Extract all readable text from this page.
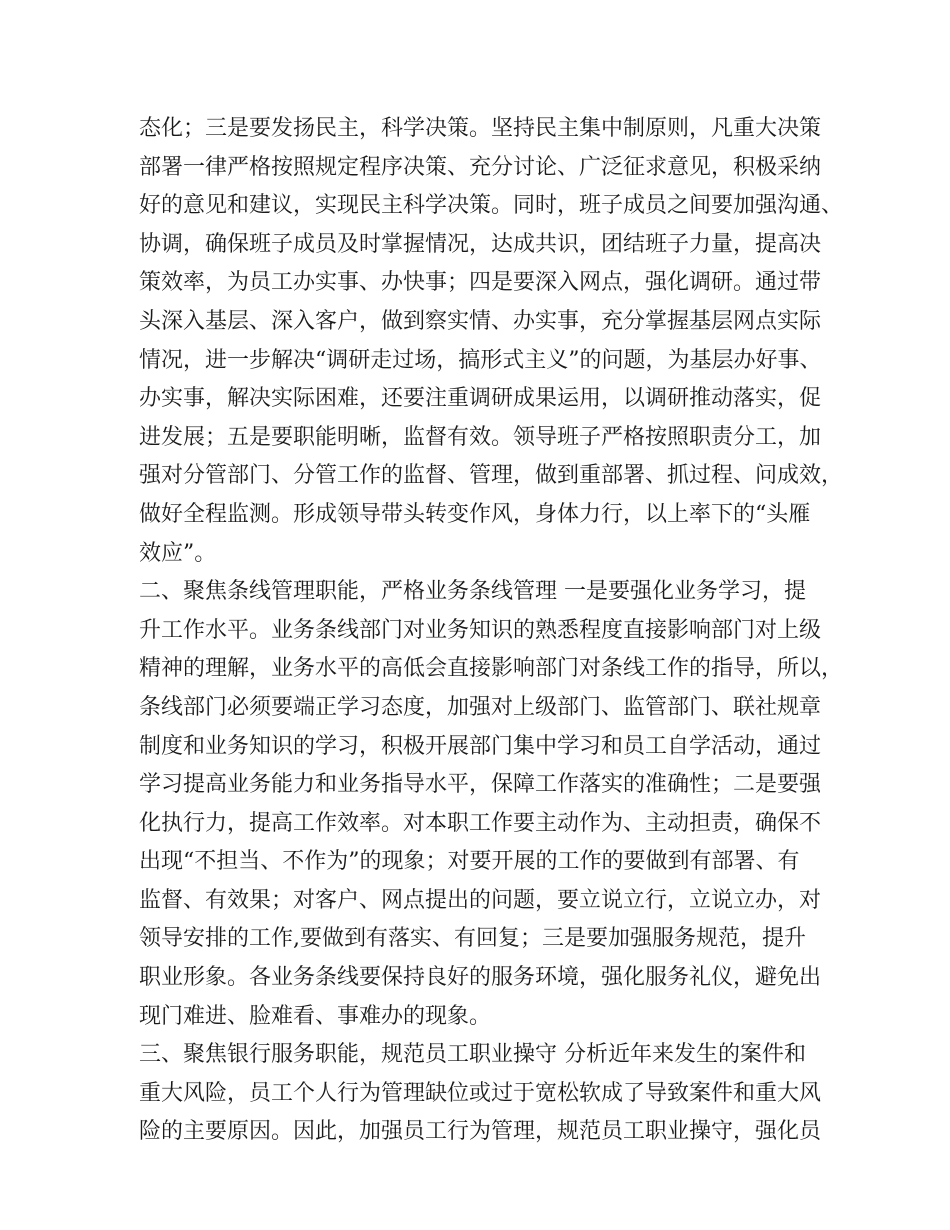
态化；三是要发扬民主，科学决策。坚持民主集中制原则，凡重大决策

部署一律严格按照规定程序决策、充分讨论、广泛征求意见，积极采纳

好的意见和建议，实现民主科学决策。同时，班子成员之间要加强沟通、

协调，确保班子成员及时掌握情况，达成共识，团结班子力量，提高决

策效率，为员工办实事、办快事；四是要深入网点，强化调研。通过带

头深入基层、深入客户，做到察实情、办实事，充分掌握基层网点实际

情况，进一步解决“调研走过场，搞形式主义”的问题，为基层办好事、

办实事，解决实际困难，还要注重调研成果运用，以调研推动落实，促

进发展；五是要职能明晰，监督有效。领导班子严格按照职责分工，加

强对分管部门、分管工作的监督、管理，做到重部署、抓过程、问成效，

做好全程监测。形成领导带头转变作风，身体力行，以上率下的“头雁

效应”。

二、聚焦条线管理职能，严格业务条线管理 一是要强化业务学习，提

升工作水平。业务条线部门对业务知识的熟悉程度直接影响部门对上级

精神的理解，业务水平的高低会直接影响部门对条线工作的指导，所以，

条线部门必须要端正学习态度，加强对上级部门、监管部门、联社规章

制度和业务知识的学习，积极开展部门集中学习和员工自学活动，通过

学习提高业务能力和业务指导水平，保障工作落实的准确性；二是要强

化执行力，提高工作效率。对本职工作要主动作为、主动担责，确保不

出现“不担当、不作为”的现象；对要开展的工作的要做到有部署、有

监督、有效果；对客户、网点提出的问题，要立说立行，立说立办，对

领导安排的工作,要做到有落实、有回复；三是要加强服务规范，提升

职业形象。各业务条线要保持良好的服务环境，强化服务礼仪，避免出

现门难进、脸难看、事难办的现象。

三、聚焦银行服务职能，规范员工职业操守 分析近年来发生的案件和

重大风险，员工个人行为管理缺位或过于宽松软成了导致案件和重大风

险的主要原因。因此，加强员工行为管理，规范员工职业操守，强化员
